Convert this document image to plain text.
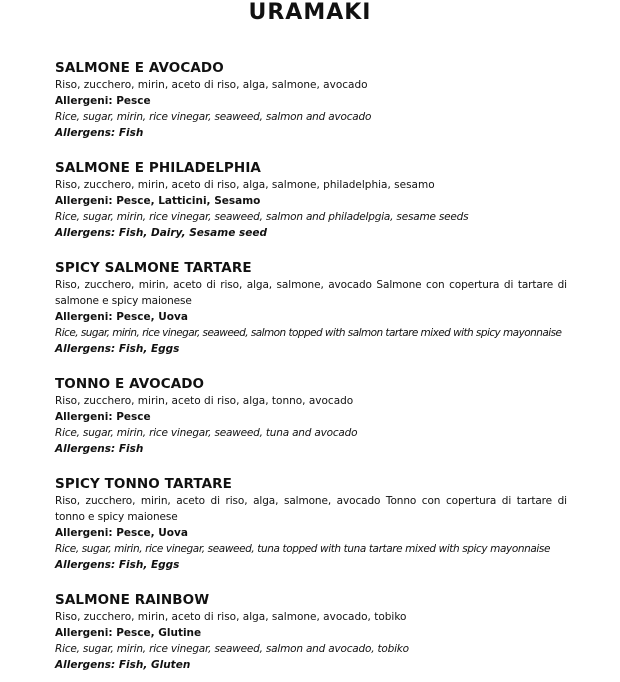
URAMAKI
SALMONE E AVOCADO
Riso, zucchero, mirin, aceto di riso, alga, salmone, avocado
Allergeni: Pesce
Rice, sugar, mirin, rice vinegar, seaweed, salmon and avocado
Allergens: Fish
SALMONE E PHILADELPHIA
Riso, zucchero, mirin, aceto di riso, alga, salmone, philadelphia, sesamo
Allergeni: Pesce, Latticini, Sesamo
Rice, sugar, mirin, rice vinegar, seaweed, salmon and philadelpgia, sesame seeds
Allergens: Fish, Dairy, Sesame seed
SPICY SALMONE TARTARE
Riso, zucchero, mirin, aceto di riso, alga, salmone, avocado Salmone con copertura di tartare di salmone e spicy maionese
Allergeni: Pesce, Uova
Rice, sugar, mirin, rice vinegar, seaweed, salmon topped with salmon tartare mixed with spicy mayonnaise
Allergens: Fish, Eggs
TONNO E AVOCADO
Riso, zucchero, mirin, aceto di riso, alga, tonno, avocado
Allergeni: Pesce
Rice, sugar, mirin, rice vinegar, seaweed, tuna and avocado
Allergens: Fish
SPICY TONNO TARTARE
Riso, zucchero, mirin, aceto di riso, alga, salmone, avocado Tonno con copertura di tartare di tonno e spicy maionese
Allergeni: Pesce, Uova
Rice, sugar, mirin, rice vinegar, seaweed, tuna topped with tuna tartare mixed with spicy mayonnaise
Allergens: Fish, Eggs
SALMONE RAINBOW
Riso, zucchero, mirin, aceto di riso, alga, salmone, avocado, tobiko
Allergeni: Pesce, Glutine
Rice, sugar, mirin, rice vinegar, seaweed, salmon and avocado, tobiko
Allergens: Fish, Gluten
